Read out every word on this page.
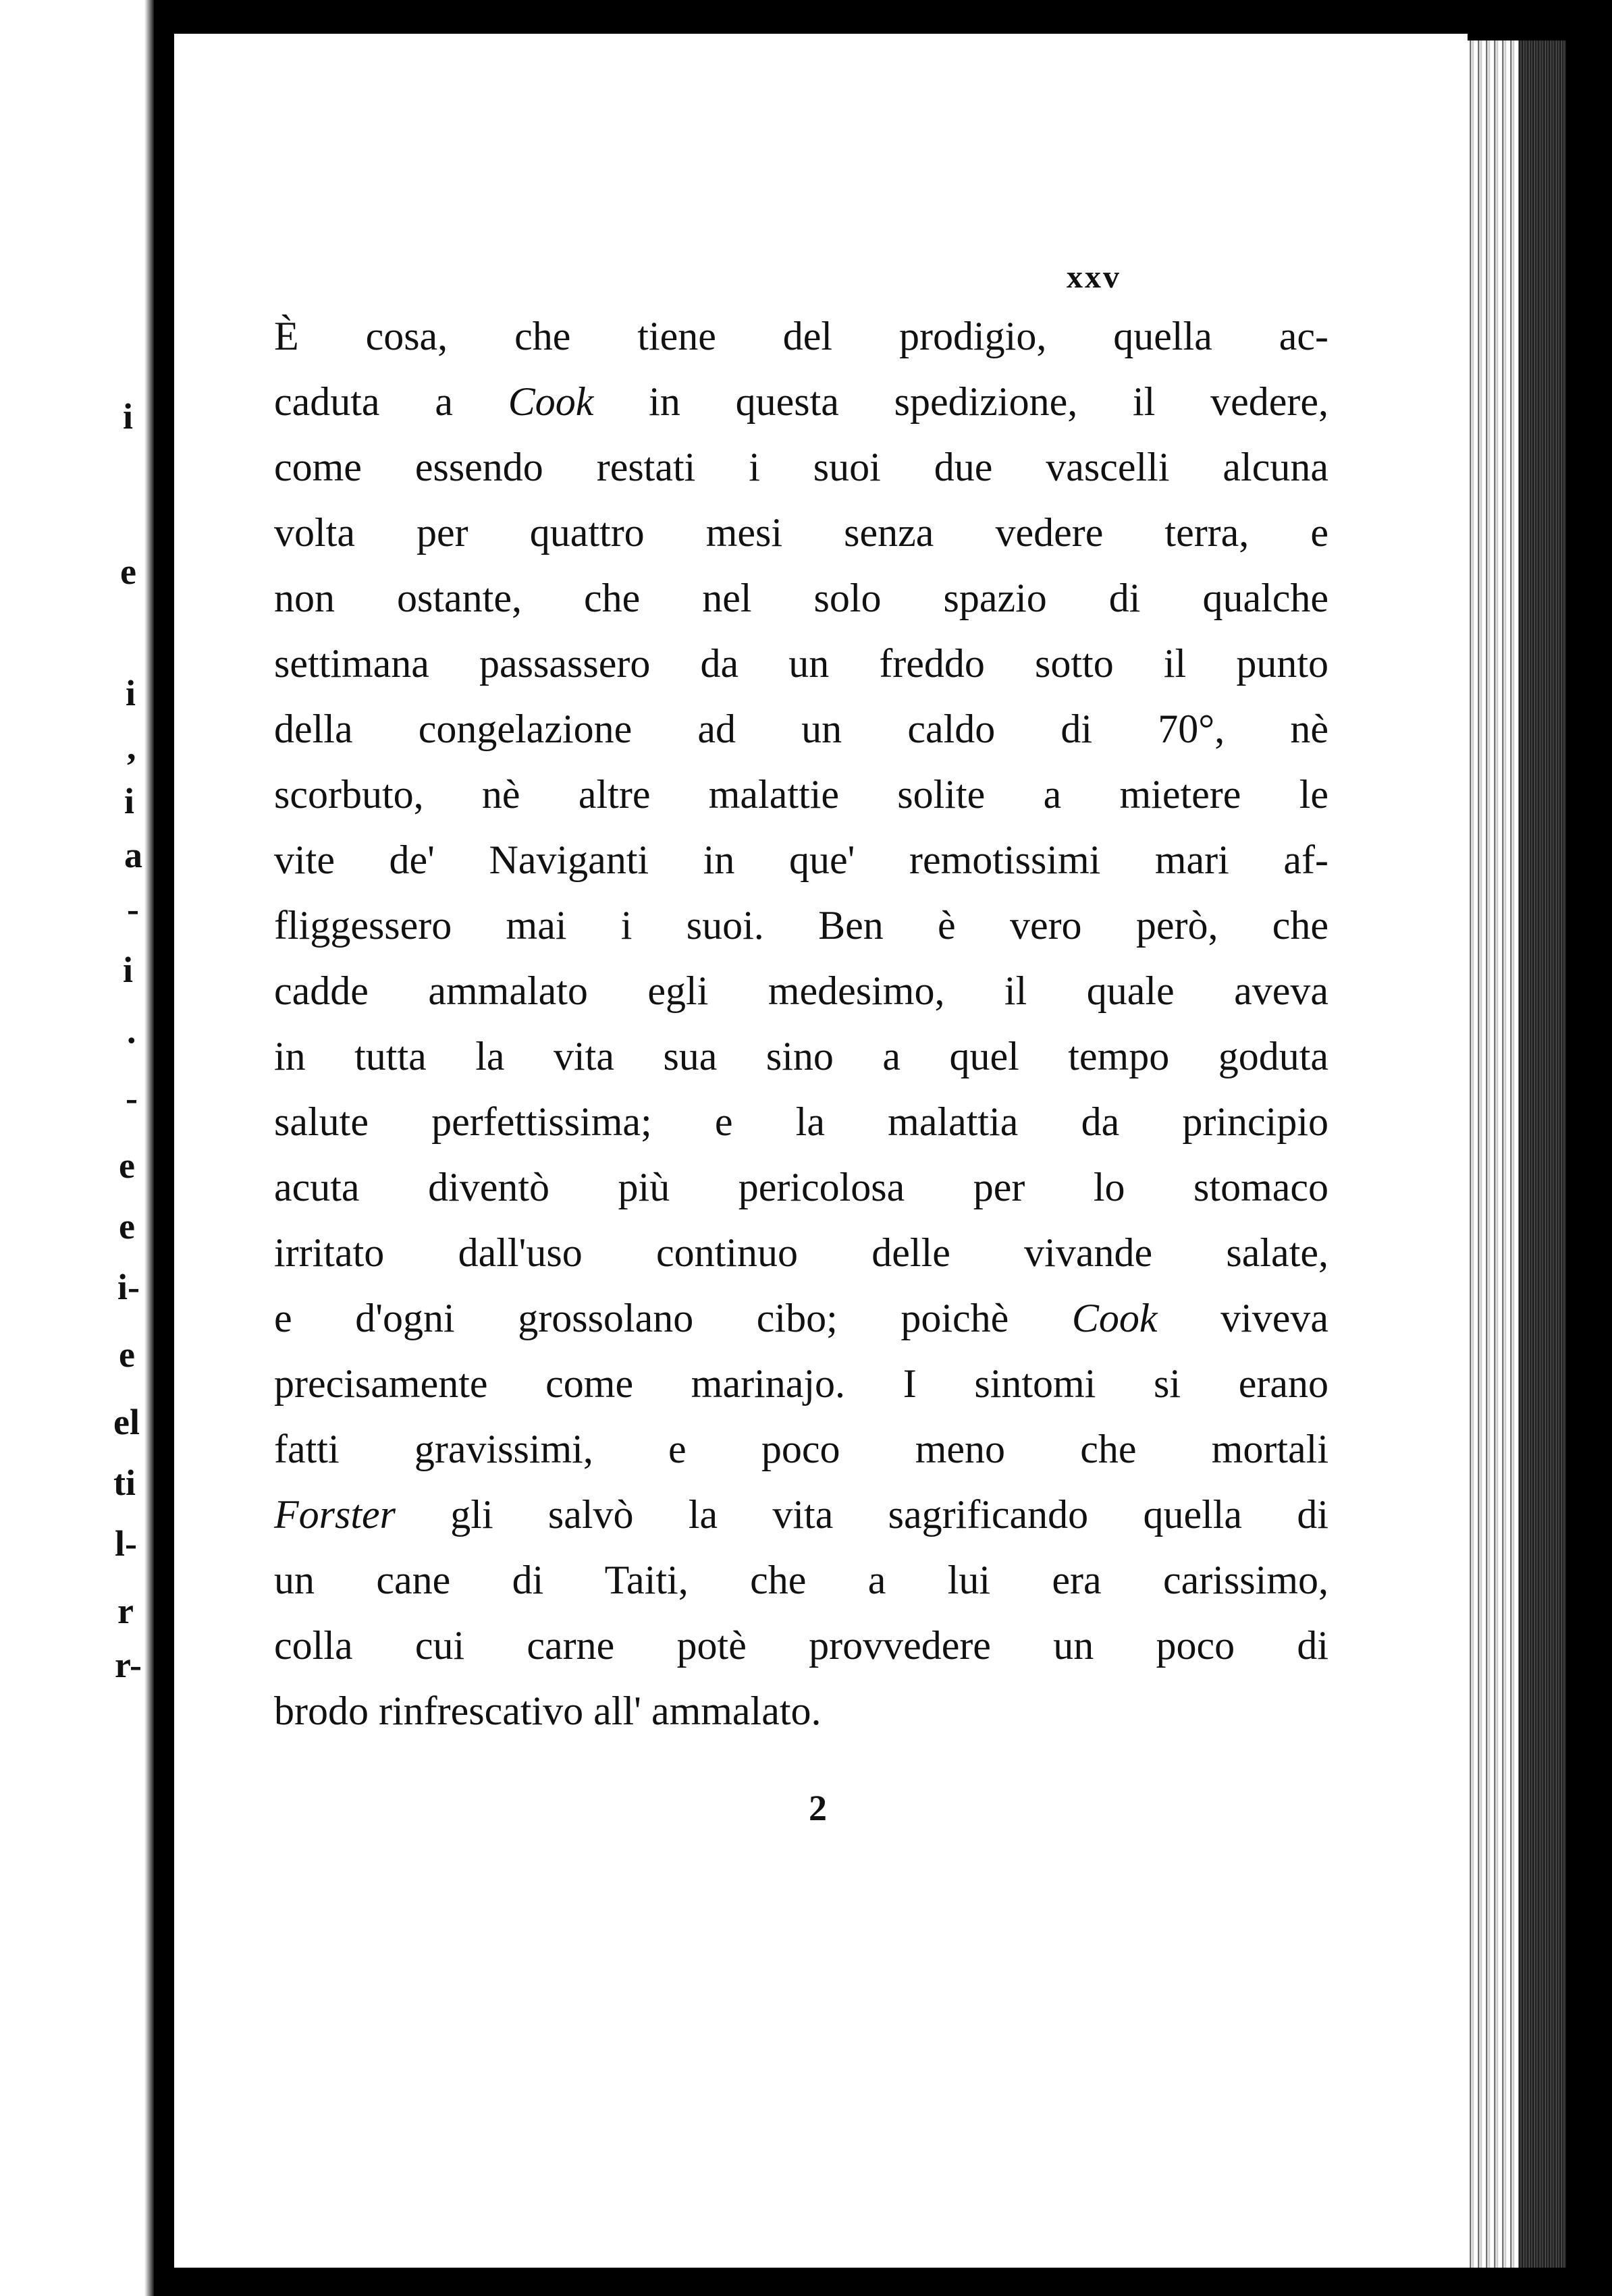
i
e
i
,
i
a
-
i
.
-
e
e
i-
e
el
ti
l-
r
r-
xxv
È cosa, che tiene del prodigio, quella ac-
caduta a Cook in questa spedizione, il vedere,
come essendo restati i suoi due vascelli alcuna
volta per quattro mesi senza vedere terra, e
non ostante, che nel solo spazio di qualche
settimana passassero da un freddo sotto il punto
della congelazione ad un caldo di 70°, nè
scorbuto, nè altre malattie solite a mietere le
vite de' Naviganti in que' remotissimi mari af-
fliggessero mai i suoi. Ben è vero però, che
cadde ammalato egli medesimo, il quale aveva
in tutta la vita sua sino a quel tempo goduta
salute perfettissima; e la malattia da principio
acuta diventò più pericolosa per lo stomaco
irritato dall'uso continuo delle vivande salate,
e d'ogni grossolano cibo; poichè Cook viveva
precisamente come marinajo. I sintomi si erano
fatti gravissimi, e poco meno che mortali
Forster gli salvò la vita sagrificando quella di
un cane di Taiti, che a lui era carissimo,
colla cui carne potè provvedere un poco di
brodo rinfrescativo all' ammalato.
2
